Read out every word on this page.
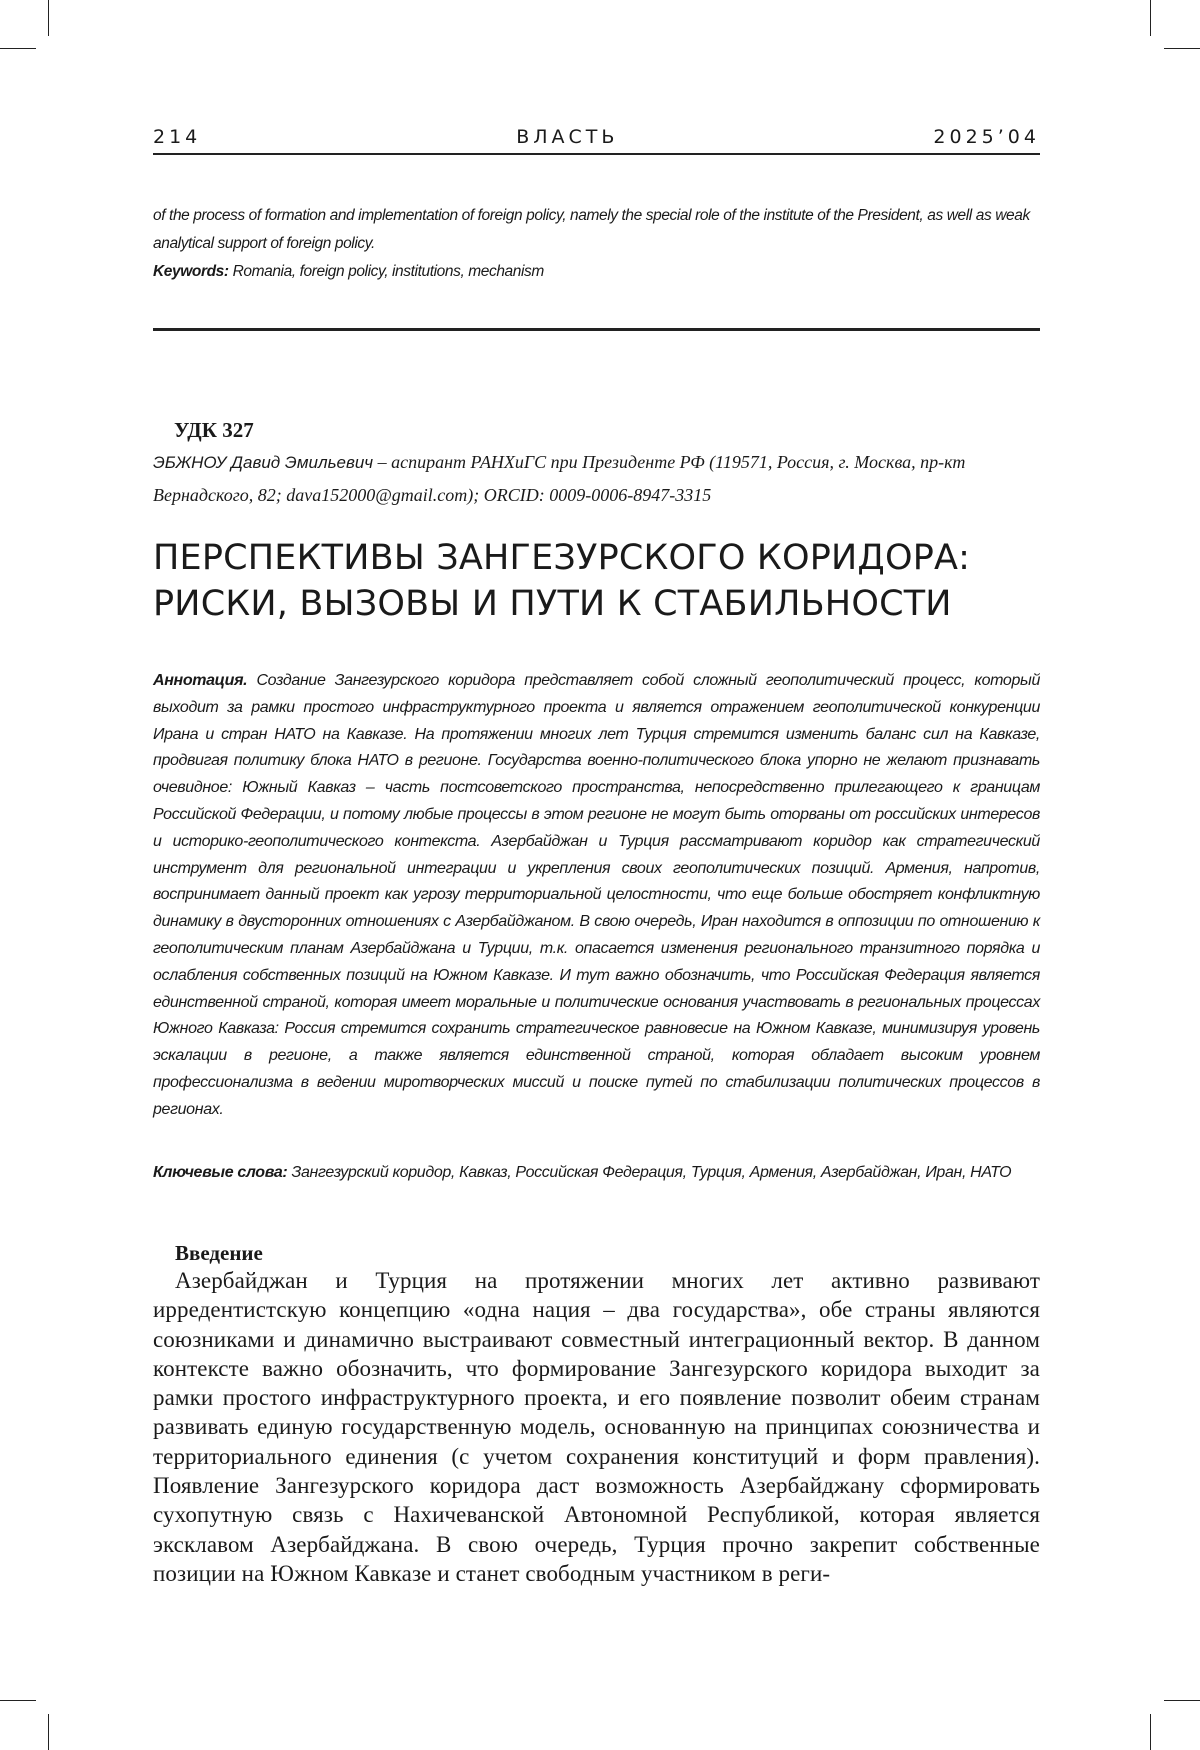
214	ВЛАСТЬ	2025’04
of the process of formation and implementation of foreign policy, namely the special role of the institute of the President, as well as weak analytical support of foreign policy.
Keywords: Romania, foreign policy, institutions, mechanism
УДК 327
ЭБЖНОУ Давид Эмильевич – аспирант РАНХиГС при Президенте РФ (119571, Россия, г. Москва, пр-кт Вернадского, 82; dava152000@gmail.com); ORCID: 0009-0006-8947-3315
ПЕРСПЕКТИВЫ ЗАНГЕЗУРСКОГО КОРИДОРА:
РИСКИ, ВЫЗОВЫ И ПУТИ К СТАБИЛЬНОСТИ
Аннотация. Создание Зангезурского коридора представляет собой сложный геополитический процесс, который выходит за рамки простого инфраструктурного проекта и является отражением геополитической конкуренции Ирана и стран НАТО на Кавказе. На протяжении многих лет Турция стремится изменить баланс сил на Кавказе, продвигая политику блока НАТО в регионе. Государства военно-политического блока упорно не желают признавать очевидное: Южный Кавказ – часть постсоветского пространства, непосредственно прилегающего к границам Российской Федерации, и потому любые процессы в этом регионе не могут быть оторваны от российских интересов и историко-геополитического контекста. Азербайджан и Турция рассматривают коридор как стратегический инструмент для региональной интеграции и укрепления своих геополитических позиций. Армения, напротив, воспринимает данный проект как угрозу территориальной целостности, что еще больше обостряет конфликтную динамику в двусторонних отношениях с Азербайджаном. В свою очередь, Иран находится в оппозиции по отношению к геополитическим планам Азербайджана и Турции, т.к. опасается изменения регионального транзитного порядка и ослабления собственных позиций на Южном Кавказе. И тут важно обозначить, что Российская Федерация является единственной страной, которая имеет моральные и политические основания участвовать в региональных процессах Южного Кавказа: Россия стремится сохранить стратегическое равновесие на Южном Кавказе, минимизируя уровень эскалации в регионе, а также является единственной страной, которая обладает высоким уровнем профессионализма в ведении миротворческих миссий и поиске путей по стабилизации политических процессов в регионах.
Ключевые слова: Зангезурский коридор, Кавказ, Российская Федерация, Турция, Армения, Азербайджан, Иран, НАТО
Введение
Азербайджан и Турция на протяжении многих лет активно развивают ирредентистскую концепцию «одна нация – два государства», обе страны являются союзниками и динамично выстраивают совместный интеграционный вектор. В данном контексте важно обозначить, что формирование Зангезурского коридора выходит за рамки простого инфраструктурного проекта, и его появление позволит обеим странам развивать единую государственную модель, основанную на принципах союзничества и территориального единения (с учетом сохранения конституций и форм правления). Появление Зангезурского коридора даст возможность Азербайджану сформировать сухопутную связь с Нахичеванской Автономной Республикой, которая является эксклавом Азербайджана. В свою очередь, Турция прочно закрепит собственные позиции на Южном Кавказе и станет свободным участником в реги-
